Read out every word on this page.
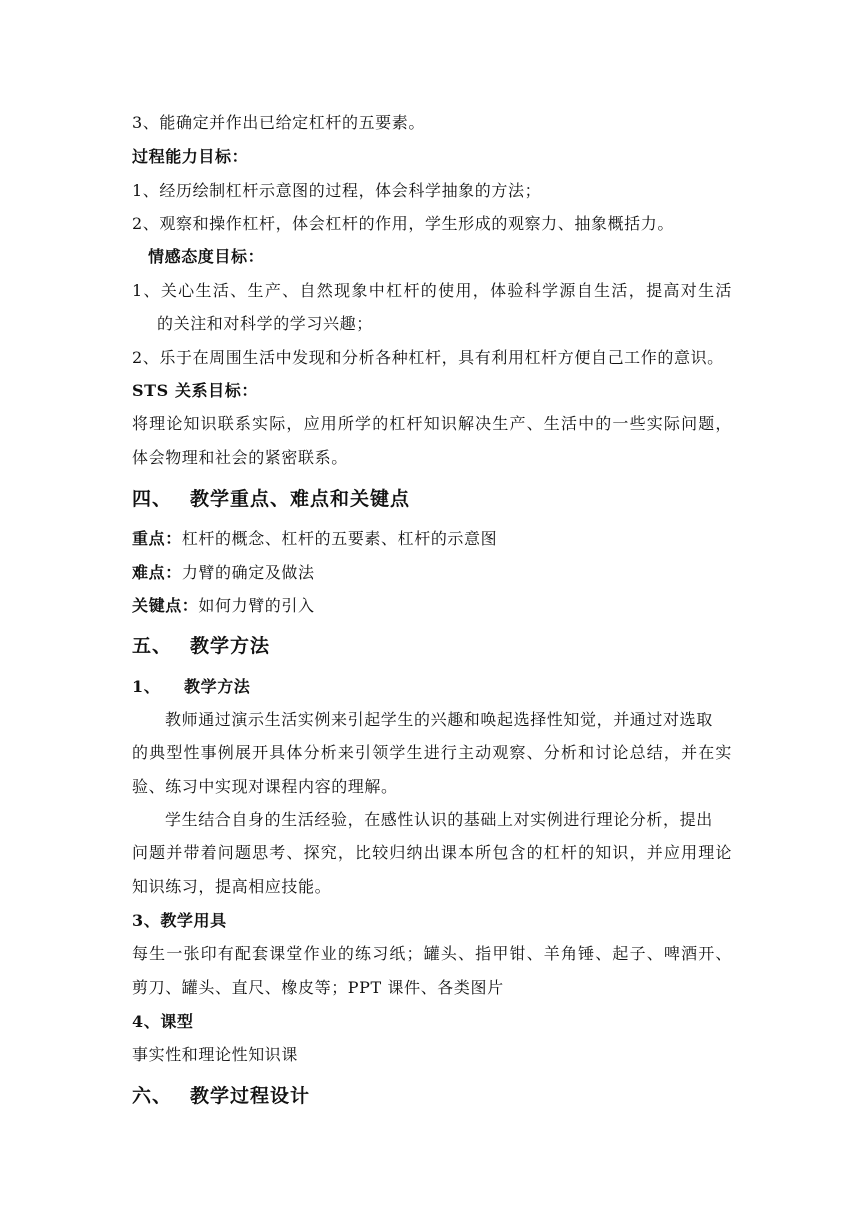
3、能确定并作出已给定杠杆的五要素。
过程能力目标：
1、经历绘制杠杆示意图的过程，体会科学抽象的方法；
2、观察和操作杠杆，体会杠杆的作用，学生形成的观察力、抽象概括力。
情感态度目标：
1、关心生活、生产、自然现象中杠杆的使用，体验科学源自生活，提高对生活
的关注和对科学的学习兴趣；
2、乐于在周围生活中发现和分析各种杠杆，具有利用杠杆方便自己工作的意识。
STS 关系目标：
将理论知识联系实际，应用所学的杠杆知识解决生产、生活中的一些实际问题，
体会物理和社会的紧密联系。
四、 教学重点、难点和关键点
重点：杠杆的概念、杠杆的五要素、杠杆的示意图
难点：力臂的确定及做法
关键点：如何力臂的引入
五、 教学方法
1、 教学方法
教师通过演示生活实例来引起学生的兴趣和唤起选择性知觉，并通过对选取
的典型性事例展开具体分析来引领学生进行主动观察、分析和讨论总结，并在实
验、练习中实现对课程内容的理解。
学生结合自身的生活经验，在感性认识的基础上对实例进行理论分析，提出
问题并带着问题思考、探究，比较归纳出课本所包含的杠杆的知识，并应用理论
知识练习，提高相应技能。
3、教学用具
每生一张印有配套课堂作业的练习纸；罐头、指甲钳、羊角锤、起子、啤酒开、
剪刀、罐头、直尺、橡皮等；PPT 课件、各类图片
4、课型
事实性和理论性知识课
六、 教学过程设计
